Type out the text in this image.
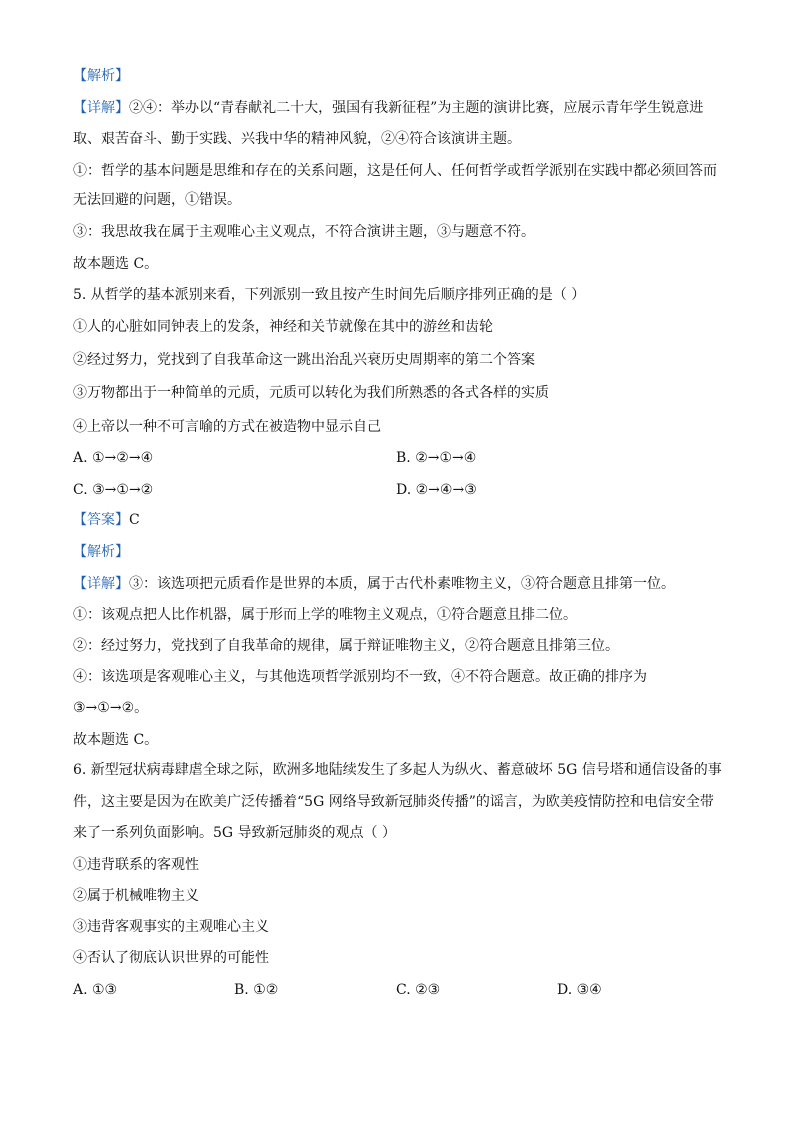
【解析】
【详解】②④：举办以“青春献礼二十大，强国有我新征程”为主题的演讲比赛，应展示青年学生锐意进
取、艰苦奋斗、勤于实践、兴我中华的精神风貌，②④符合该演讲主题。
①：哲学的基本问题是思维和存在的关系问题，这是任何人、任何哲学或哲学派别在实践中都必须回答而
无法回避的问题，①错误。
③：我思故我在属于主观唯心主义观点，不符合演讲主题，③与题意不符。
故本题选 C。
5. 从哲学的基本派别来看，下列派别一致且按产生时间先后顺序排列正确的是（ ）
①人的心脏如同钟表上的发条，神经和关节就像在其中的游丝和齿轮
②经过努力，党找到了自我革命这一跳出治乱兴衰历史周期率的第二个答案
③万物都出于一种简单的元质，元质可以转化为我们所熟悉的各式各样的实质
④上帝以一种不可言喻的方式在被造物中显示自己
A. ①→②→④	B. ②→①→④
C. ③→①→②	D. ②→④→③
【答案】C
【解析】
【详解】③：该选项把元质看作是世界的本质，属于古代朴素唯物主义，③符合题意且排第一位。
①：该观点把人比作机器，属于形而上学的唯物主义观点，①符合题意且排二位。
②：经过努力，党找到了自我革命的规律，属于辩证唯物主义，②符合题意且排第三位。
④：该选项是客观唯心主义，与其他选项哲学派别均不一致，④不符合题意。故正确的排序为
③→①→②。
故本题选 C。
6. 新型冠状病毒肆虐全球之际，欧洲多地陆续发生了多起人为纵火、蓄意破坏 5G 信号塔和通信设备的事
件，这主要是因为在欧美广泛传播着“5G 网络导致新冠肺炎传播”的谣言，为欧美疫情防控和电信安全带
来了一系列负面影响。5G 导致新冠肺炎的观点（ ）
①违背联系的客观性
②属于机械唯物主义
③违背客观事实的主观唯心主义
④否认了彻底认识世界的可能性
A. ①③	B. ①②	C. ②③	D. ③④
